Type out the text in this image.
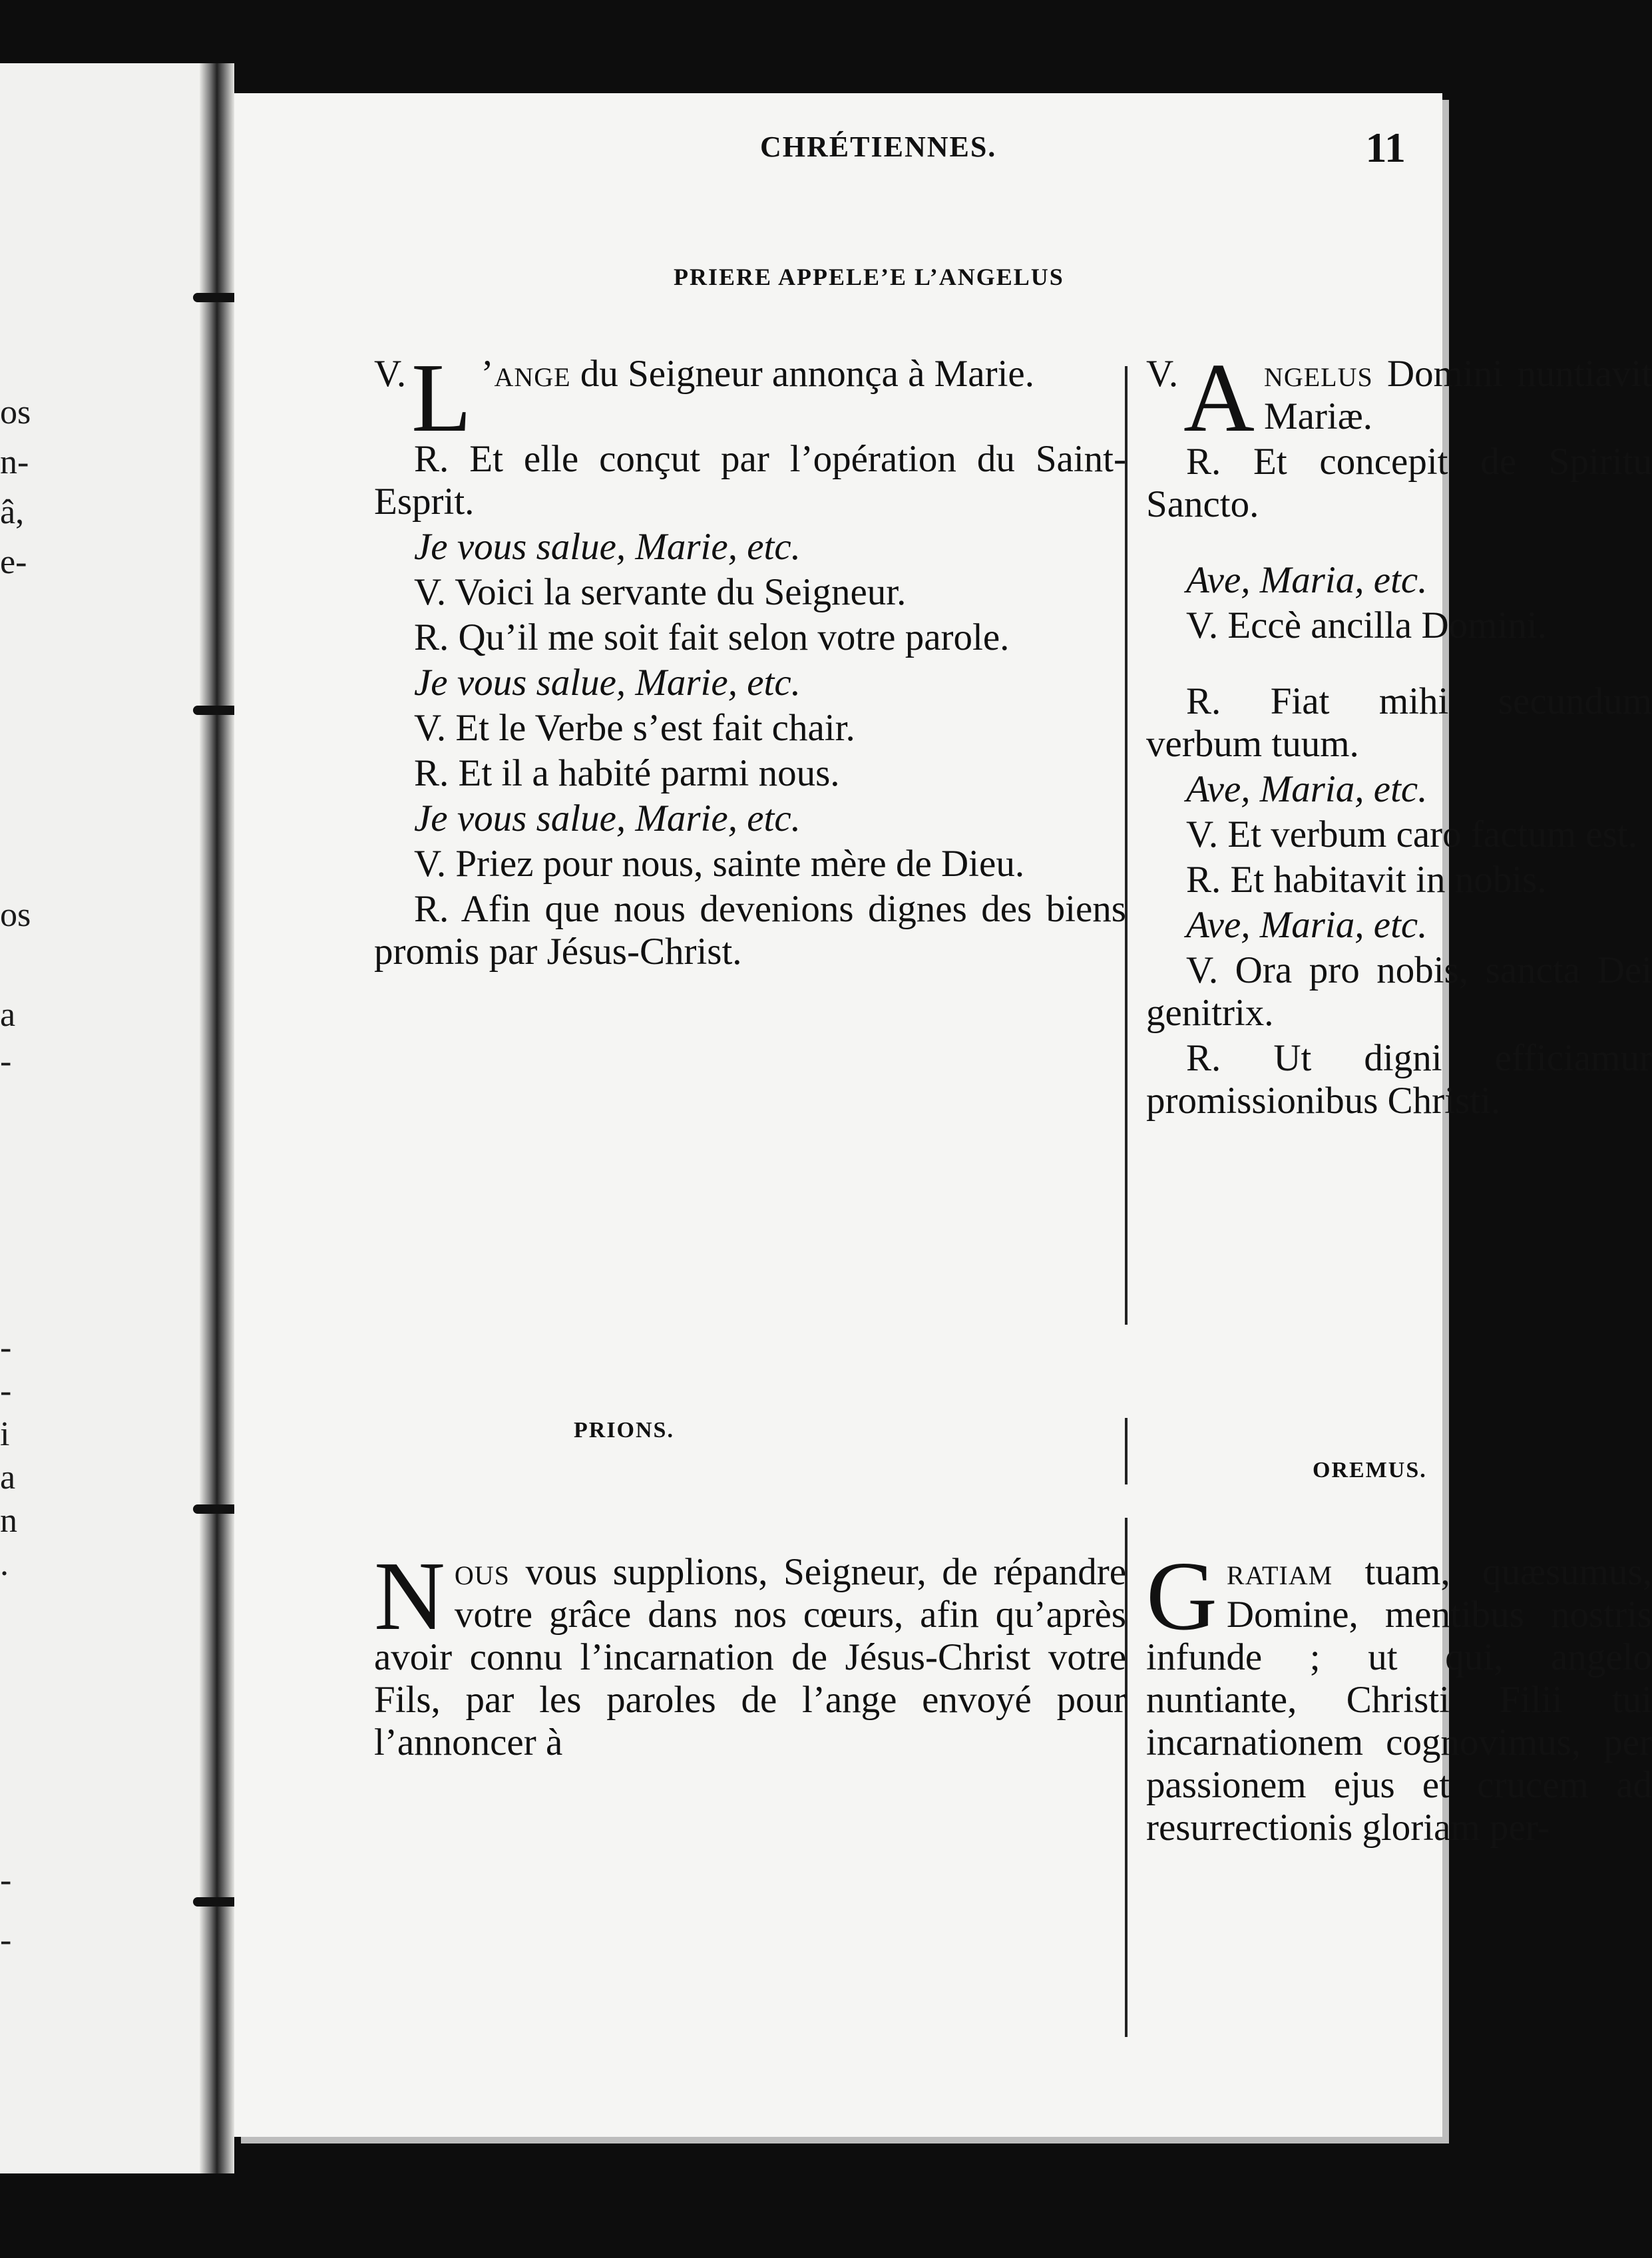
os
n-
â,
e-
os
a
-
-
-
i
a
n
.
-
-
CHRÉTIENNES.	11
PRIERE APPELE’E L’ANGELUS

V. L ’ange du Seigneur annonça à Marie.

R. Et elle conçut par l’opération du Saint-Esprit.

Je vous salue, Marie, etc.

V. Voici la servante du Seigneur.

R. Qu’il me soit fait selon votre parole.

Je vous salue, Marie, etc.

V. Et le Verbe s’est fait chair.

R. Et il a habité parmi nous.

Je vous salue, Marie, etc.

V. Priez pour nous, sainte mère de Dieu.

R. Afin que nous devenions dignes des biens promis par Jésus-Christ.

V. A ngelus Domini nuntiavit Mariæ.

R. Et concepit de Spiritu Sancto.

Ave, Maria, etc.

V. Eccè ancilla Domini.

R. Fiat mihi secundum verbum tuum.

Ave, Maria, etc.

V. Et verbum caro factum est.

R. Et habitavit in nobis.

Ave, Maria, etc.

V. Ora pro nobis, sancta Dei genitrix.

R. Ut digni efficiamur promissionibus Christi.

PRIONS.
OREMUS.

Nous vous supplions, Seigneur, de répandre votre grâce dans nos cœurs, afin qu’après avoir connu l’incarnation de Jésus-Christ votre Fils, par les paroles de l’ange envoyé pour l’annoncer à

Gratiam tuam, quæsumus, Domine, mentibus nostris infunde ; ut qui, angelo nuntiante, Christi Filii tui incarnationem cognovimus, per passionem ejus et crucem ad resurrectionis gloriam per-
